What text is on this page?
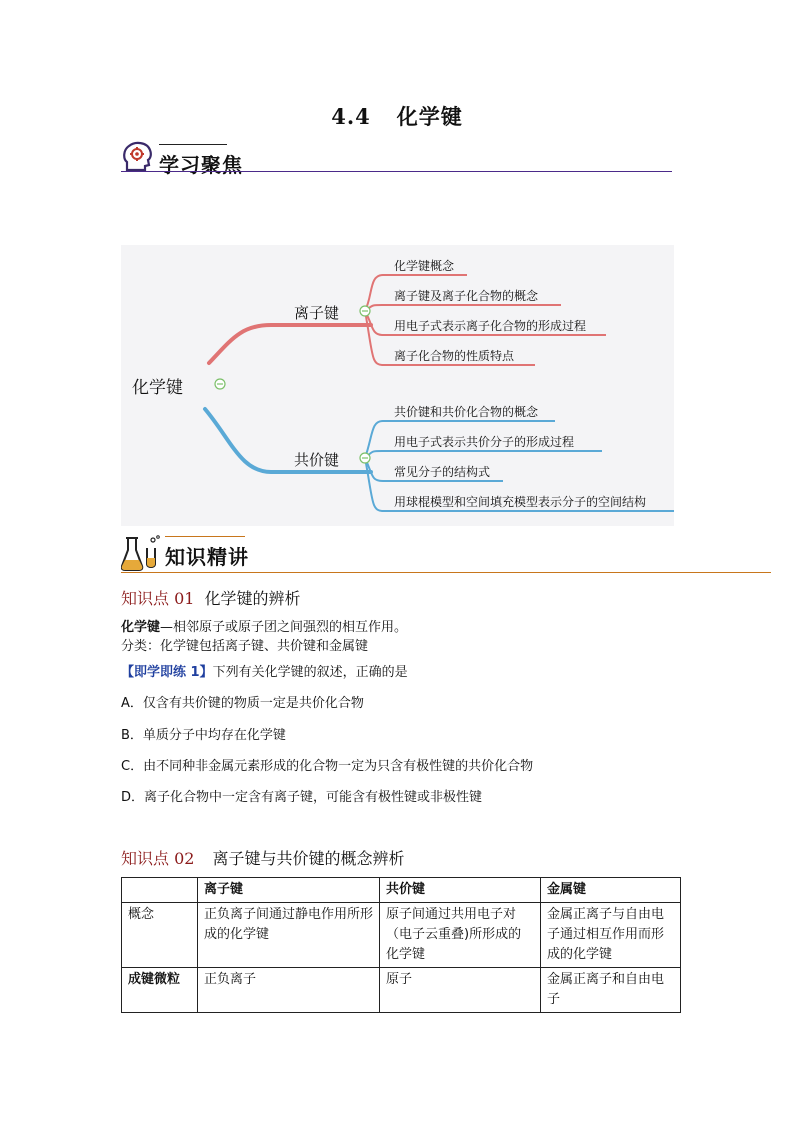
4.4 化学键
学习聚焦
化学键
离子键
共价键
化学键概念
离子键及离子化合物的概念
用电子式表示离子化合物的形成过程
离子化合物的性质特点
共价键和共价化合物的概念
用电子式表示共价分子的形成过程
常见分子的结构式
用球棍模型和空间填充模型表示分子的空间结构
知识精讲
知识点 01 化学键的辨析
化学键—相邻原子或原子团之间强烈的相互作用。
分类：化学键包括离子键、共价键和金属键
【即学即练 1】下列有关化学键的叙述，正确的是
A．仅含有共价键的物质一定是共价化合物
B．单质分子中均存在化学键
C．由不同种非金属元素形成的化合物一定为只含有极性键的共价化合物
D．离子化合物中一定含有离子键，可能含有极性键或非极性键
知识点 02 离子键与共价键的概念辨析
	离子键	共价键	金属键
概念	正负离子间通过静电作用所形成的化学键	原子间通过共用电子对（电子云重叠)所形成的化学键	金属正离子与自由电子通过相互作用而形成的化学键
成键微粒	正负离子	原子	金属正离子和自由电子
